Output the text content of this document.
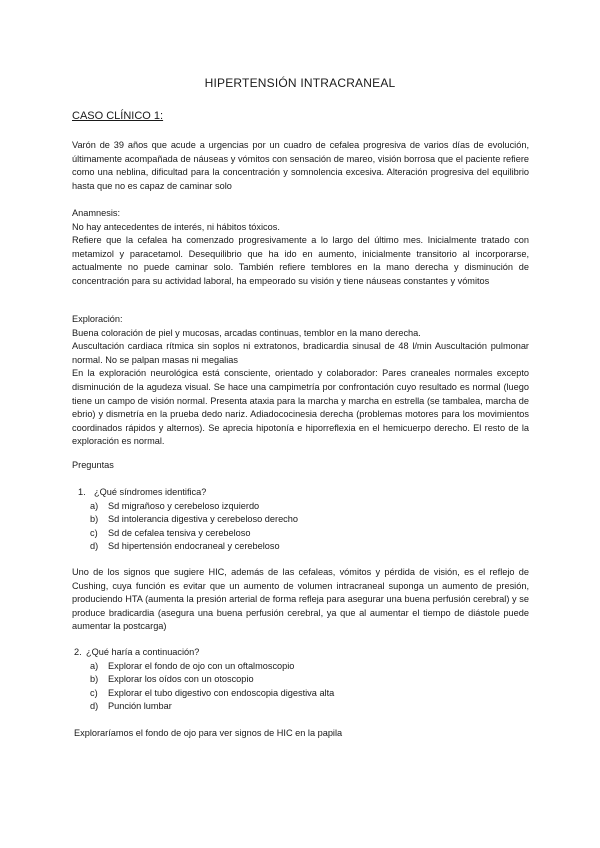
HIPERTENSIÓN INTRACRANEAL
CASO CLÍNICO 1:

Varón de 39 años que acude a urgencias por un cuadro de cefalea progresiva de varios días de evolución, últimamente acompañada de náuseas y vómitos con sensación de mareo, visión borrosa que el paciente refiere como una neblina, dificultad para la concentración y somnolencia excesiva. Alteración progresiva del equilibrio hasta que no es capaz de caminar solo

Anamnesis:

No hay antecedentes de interés, ni hábitos tóxicos.

Refiere que la cefalea ha comenzado progresivamente a lo largo del último mes. Inicialmente tratado con metamizol y paracetamol. Desequilibrio que ha ido en aumento, inicialmente transitorio al incorporarse, actualmente no puede caminar solo. También refiere temblores en la mano derecha y disminución de concentración para su actividad laboral, ha empeorado su visión y tiene náuseas constantes y vómitos

Exploración:

Buena coloración de piel y mucosas, arcadas continuas, temblor en la mano derecha.

Auscultación cardiaca rítmica sin soplos ni extratonos, bradicardia sinusal de 48 l/min Auscultación pulmonar normal. No se palpan masas ni megalias

En la exploración neurológica está consciente, orientado y colaborador: Pares craneales normales excepto disminución de la agudeza visual. Se hace una campimetría por confrontación cuyo resultado es normal (luego tiene un campo de visión normal. Presenta ataxia para la marcha y marcha en estrella (se tambalea, marcha de ebrio) y dismetría en la prueba dedo nariz. Adiadococinesia derecha (problemas motores para los movimientos coordinados rápidos y alternos). Se aprecia hipotonía e hiporreflexia en el hemicuerpo derecho. El resto de la exploración es normal.

Preguntas
1. ¿Qué síndromes identifica?
a) Sd migrañoso y cerebeloso izquierdo
b) Sd intolerancia digestiva y cerebeloso derecho
c) Sd de cefalea tensiva y cerebeloso
d) Sd hipertensión endocraneal y cerebeloso
Uno de los signos que sugiere HIC, además de las cefaleas, vómitos y pérdida de visión, es el reflejo de Cushing, cuya función es evitar que un aumento de volumen intracraneal suponga un aumento de presión, produciendo HTA (aumenta la presión arterial de forma refleja para asegurar una buena perfusión cerebral) y se produce bradicardia (asegura una buena perfusión cerebral, ya que al aumentar el tiempo de diástole puede aumentar la postcarga)
2. ¿Qué haría a continuación?
a) Explorar el fondo de ojo con un oftalmoscopio
b) Explorar los oídos con un otoscopio
c) Explorar el tubo digestivo con endoscopia digestiva alta
d) Punción lumbar
Exploraríamos el fondo de ojo para ver signos de HIC en la papila
